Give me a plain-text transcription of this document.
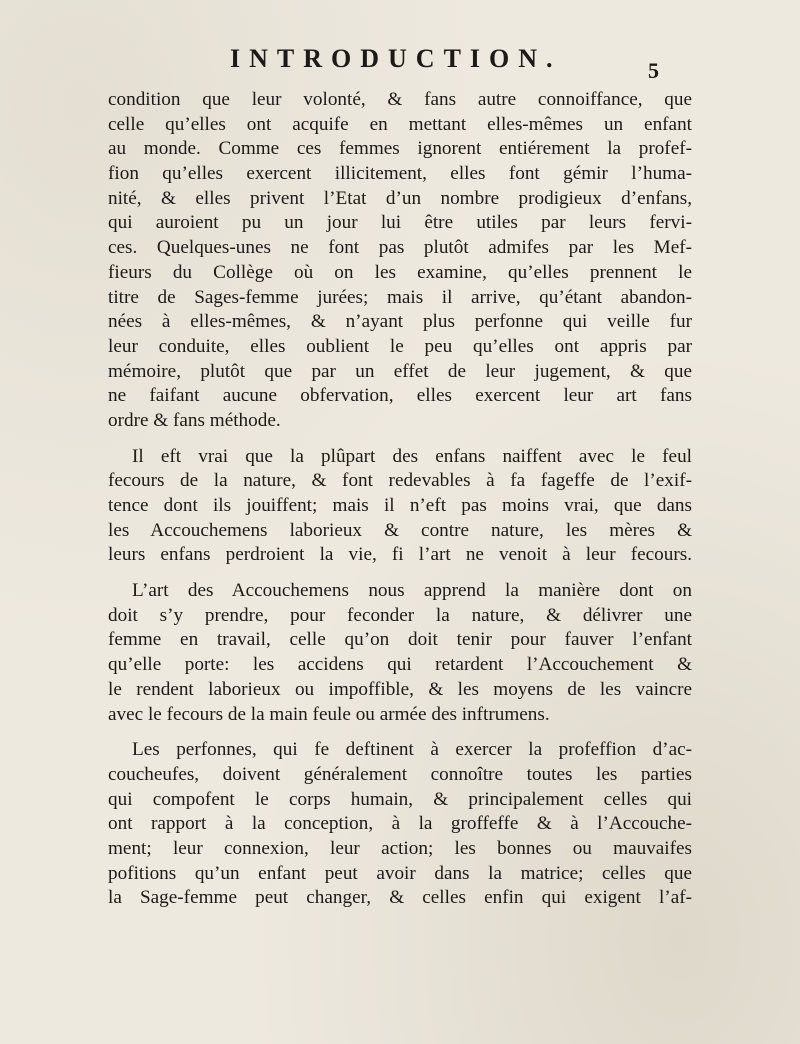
INTRODUCTION.	5

condition que leur volonté, & fans autre connoiffance, que
celle qu’elles ont acquife en mettant elles-mêmes un enfant
au monde. Comme ces femmes ignorent entiérement la profef-
fion qu’elles exercent illicitement, elles font gémir l’huma-
nité, & elles privent l’Etat d’un nombre prodigieux d’enfans,
qui auroient pu un jour lui être utiles par leurs fervi-
ces. Quelques-unes ne font pas plutôt admifes par les Mef-
fieurs du Collège où on les examine, qu’elles prennent le
titre de Sages-femme jurées; mais il arrive, qu’étant abandon-
nées à elles-mêmes, & n’ayant plus perfonne qui veille fur
leur conduite, elles oublient le peu qu’elles ont appris par
mémoire, plutôt que par un effet de leur jugement, & que
ne faifant aucune obfervation, elles exercent leur art fans
ordre & fans méthode.

Il eft vrai que la plûpart des enfans naiffent avec le feul
fecours de la nature, & font redevables à fa fageffe de l’exif-
tence dont ils jouiffent; mais il n’eft pas moins vrai, que dans
les Accouchemens laborieux & contre nature, les mères &
leurs enfans perdroient la vie, fi l’art ne venoit à leur fecours.

L’art des Accouchemens nous apprend la manière dont on
doit s’y prendre, pour feconder la nature, & délivrer une
femme en travail, celle qu’on doit tenir pour fauver l’enfant
qu’elle porte: les accidens qui retardent l’Accouchement &
le rendent laborieux ou impoffible, & les moyens de les vaincre
avec le fecours de la main feule ou armée des inftrumens.

Les perfonnes, qui fe deftinent à exercer la profeffion d’ac-
coucheufes, doivent généralement connoître toutes les parties
qui compofent le corps humain, & principalement celles qui
ont rapport à la conception, à la groffeffe & à l’Accouche-
ment; leur connexion, leur action; les bonnes ou mauvaifes
pofitions qu’un enfant peut avoir dans la matrice; celles que
la Sage-femme peut changer, & celles enfin qui exigent l’af-
